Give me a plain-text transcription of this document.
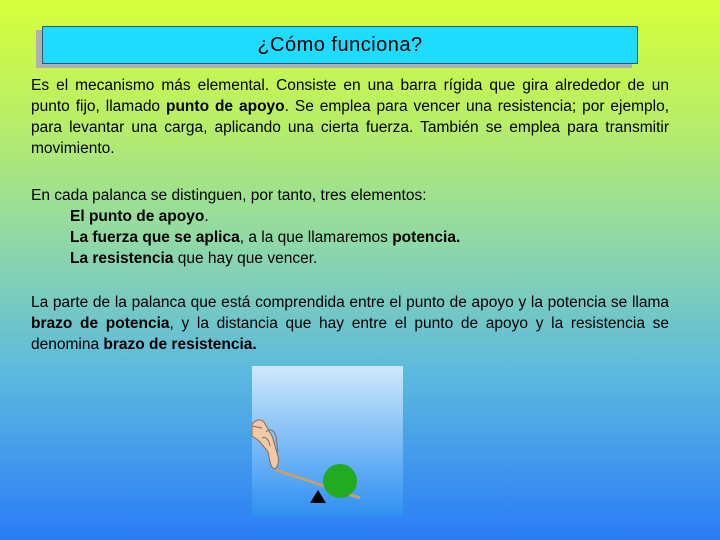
¿Cómo funciona?
Es el mecanismo más elemental. Consiste en una barra rígida que gira alrededor de un punto fijo, llamado punto de apoyo. Se emplea para vencer una resistencia; por ejemplo, para levantar una carga, aplicando una cierta fuerza. También se emplea para transmitir movimiento.
En cada palanca se distinguen, por tanto, tres elementos:
El punto de apoyo.
La fuerza que se aplica, a la que llamaremos potencia.
La resistencia que hay que vencer.
La parte de la palanca que está comprendida entre el punto de apoyo y la potencia se llama brazo de potencia, y la distancia que hay entre el punto de apoyo y la resistencia se denomina brazo de resistencia.
